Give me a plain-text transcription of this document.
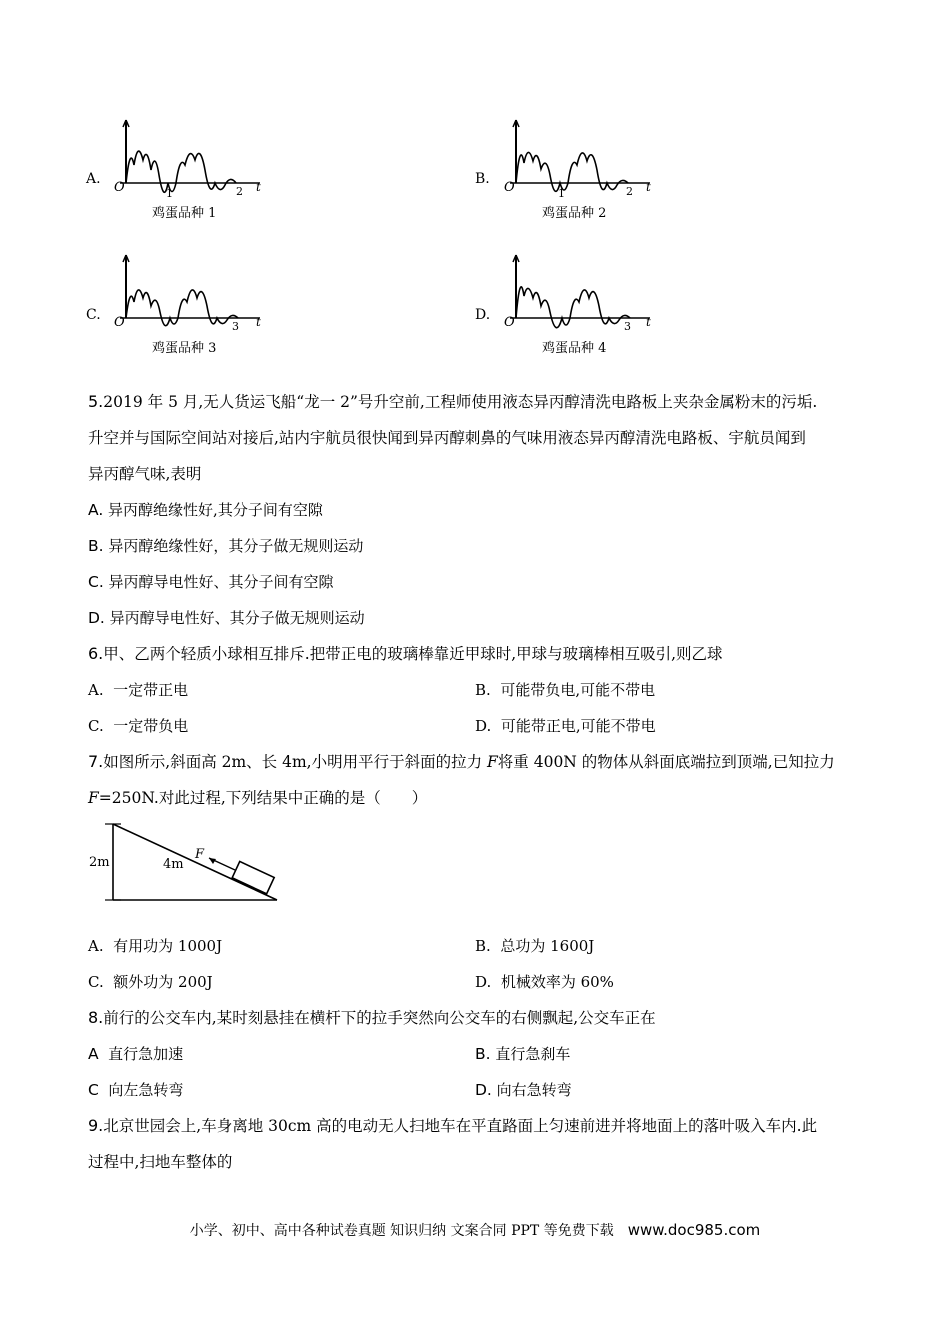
A.
O	t
1	2
鸡蛋品种 1
B.
O	t
1	2
鸡蛋品种 2
C. O	t
3
鸡蛋品种 3
D. O	t
3
鸡蛋品种 4
5.2019 年 5 月,无人货运飞船“龙一 2”号升空前,工程师使用液态异丙醇清洗电路板上夹杂金属粉末的污垢.
升空并与国际空间站对接后,站内宇航员很快闻到异丙醇刺鼻的气味用液态异丙醇清洗电路板、宇航员闻到
异丙醇气味,表明
A. 异丙醇绝缘性好,其分子间有空隙
B. 异丙醇绝缘性好，其分子做无规则运动
C. 异丙醇导电性好、其分子间有空隙
D. 异丙醇导电性好、其分子做无规则运动
6.甲、乙两个轻质小球相互排斥.把带正电的玻璃棒靠近甲球时,甲球与玻璃棒相互吸引,则乙球
A. 一定带正电	B. 可能带负电,可能不带电
C. 一定带负电	D. 可能带正电,可能不带电
7.如图所示,斜面高 2m、长 4m,小明用平行于斜面的拉力 F将重 400N 的物体从斜面底端拉到顶端,已知拉力
F=250N.对此过程,下列结果中正确的是（　　）
2m	4m
F
A. 有用功为 1000J	B. 总功为 1600J
C. 额外功为 200J	D. 机械效率为 60%
8.前行的公交车内,某时刻悬挂在横杆下的拉手突然向公交车的右侧飘起,公交车正在
A 直行急加速	B. 直行急刹车
C 向左急转弯	D. 向右急转弯
9.北京世园会上,车身离地 30cm 高的电动无人扫地车在平直路面上匀速前进并将地面上的落叶吸入车内.此
过程中,扫地车整体的
小学、初中、高中各种试卷真题 知识归纳 文案合同 PPT 等免费下载 www.doc985.com
